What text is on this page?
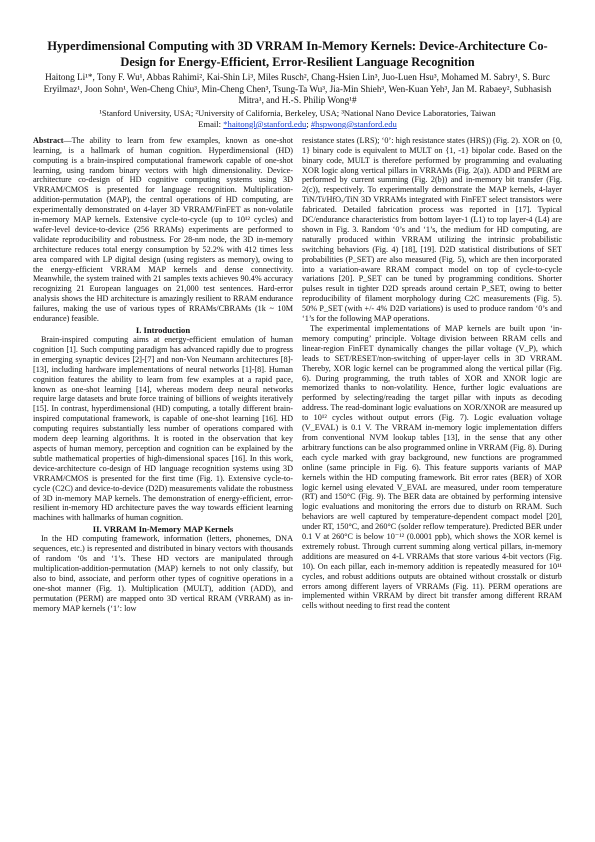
Hyperdimensional Computing with 3D VRRAM In-Memory Kernels: Device-Architecture Co-Design for Energy-Efficient, Error-Resilient Language Recognition
Haitong Li¹*, Tony F. Wu¹, Abbas Rahimi², Kai-Shin Li³, Miles Rusch², Chang-Hsien Lin³, Juo-Luen Hsu³, Mohamed M. Sabry¹, S. Burc Eryilmaz¹, Joon Sohn¹, Wen-Cheng Chiu³, Min-Cheng Chen³, Tsung-Ta Wu³, Jia-Min Shieh³, Wen-Kuan Yeh³, Jan M. Rabaey², Subhasish Mitra¹, and H.-S. Philip Wong¹#
¹Stanford University, USA; ²University of California, Berkeley, USA; ³National Nano Device Laboratories, Taiwan
Email: *haitongl@stanford.edu; #hspwong@stanford.edu

Abstract—The ability to learn from few examples, known as one-shot learning, is a hallmark of human cognition. Hyperdimensional (HD) computing is a brain-inspired computational framework capable of one-shot learning, using random binary vectors with high dimensionality. Device-architecture co-design of HD cognitive computing systems using 3D VRRAM/CMOS is presented for language recognition. Multiplication-addition-permutation (MAP), the central operations of HD computing, are experimentally demonstrated on 4-layer 3D VRRAM/FinFET as non-volatile in-memory MAP kernels. Extensive cycle-to-cycle (up to 10¹² cycles) and wafer-level device-to-device (256 RRAMs) experiments are performed to validate reproducibility and robustness. For 28-nm node, the 3D in-memory architecture reduces total energy consumption by 52.2% with 412 times less area compared with LP digital design (using registers as memory), owing to the energy-efficient VRRAM MAP kernels and dense connectivity. Meanwhile, the system trained with 21 samples texts achieves 90.4% accuracy recognizing 21 European languages on 21,000 test sentences. Hard-error analysis shows the HD architecture is amazingly resilient to RRAM endurance failures, making the use of various types of RRAMs/CBRAMs (1k ~ 10M endurance) feasible.

I. Introduction

Brain-inspired computing aims at energy-efficient emulation of human cognition [1]. Such computing paradigm has advanced rapidly due to progress in emerging synaptic devices [2]-[7] and non-Von Neumann architectures [8]-[13], including hardware implementations of neural networks [1]-[8]. Human cognition features the ability to learn from few examples at a rapid pace, known as one-shot learning [14], whereas modern deep neural networks require large datasets and brute force training of billions of weights iteratively [15]. In contrast, hyperdimensional (HD) computing, a totally different brain-inspired computational framework, is capable of one-shot learning [16]. HD computing requires substantially less number of operations compared with modern deep learning algorithms. It is rooted in the observation that key aspects of human memory, perception and cognition can be explained by the subtle mathematical properties of high-dimensional spaces [16]. In this work, device-architecture co-design of HD language recognition systems using 3D VRRAM/CMOS is presented for the first time (Fig. 1). Extensive cycle-to-cycle (C2C) and device-to-device (D2D) measurements validate the robustness of 3D in-memory MAP kernels. The demonstration of energy-efficient, error-resilient in-memory HD architecture paves the way towards efficient learning machines with hallmarks of human cognition.

II. VRRAM In-Memory MAP Kernels

In the HD computing framework, information (letters, phonemes, DNA sequences, etc.) is represented and distributed in binary vectors with thousands of random ‘0s and ‘1’s. These HD vectors are manipulated through multiplication-addition-permutation (MAP) kernels to not only classify, but also to bind, associate, and perform other types of cognitive operations in a one-shot manner (Fig. 1). Multiplication (MULT), addition (ADD), and permutation (PERM) are mapped onto 3D vertical RRAM (VRRAM) as in-memory MAP kernels (‘1’: low

resistance states (LRS); ‘0’: high resistance states (HRS)) (Fig. 2). XOR on {0, 1} binary code is equivalent to MULT on {1, -1} bipolar code. Based on the binary code, MULT is therefore performed by programming and evaluating XOR logic along vertical pillars in VRRAMs (Fig. 2(a)). ADD and PERM are performed by current summing (Fig. 2(b)) and in-memory bit transfer (Fig. 2(c)), respectively. To experimentally demonstrate the MAP kernels, 4-layer TiN/Ti/HfOₓ/TiN 3D VRRAMs integrated with FinFET select transistors were fabricated. Detailed fabrication process was reported in [17]. Typical DC/endurance characteristics from bottom layer-1 (L1) to top layer-4 (L4) are shown in Fig. 3. Random ‘0’s and ‘1’s, the medium for HD computing, are naturally produced within VRRAM utilizing the intrinsic probabilistic switching behaviors (Fig. 4) [18], [19]. D2D statistical distributions of SET probabilities (P_SET) are also measured (Fig. 5), which are then incorporated into a variation-aware RRAM compact model on top of cycle-to-cycle variations [20]. P_SET can be tuned by programming conditions. Shorter pulses result in tighter D2D spreads around certain P_SET, owing to better reproducibility of filament morphology during C2C measurements (Fig. 5). 50% P_SET (with +/- 4% D2D variations) is used to produce random ‘0’s and ‘1’s for the following MAP operations.

The experimental implementations of MAP kernels are built upon ‘in-memory computing’ principle. Voltage division between RRAM cells and linear-region FinFET dynamically changes the pillar voltage (V_P), which leads to SET/RESET/non-switching of upper-layer cells in 3D VRRAM. Thereby, XOR logic kernel can be programmed along the vertical pillar (Fig. 6). During programming, the truth tables of XOR and XNOR logic are memorized thanks to non-volatility. Hence, further logic evaluations are performed by selecting/reading the target pillar with inputs as decoding address. The read-dominant logic evaluations on XOR/XNOR are measured up to 10¹² cycles without output errors (Fig. 7). Logic evaluation voltage (V_EVAL) is 0.1 V. The VRRAM in-memory logic implementation differs from conventional NVM lookup tables [13], in the sense that any other arbitrary functions can be also programmed online in VRRAM (Fig. 8). During each cycle marked with gray background, new functions are programmed online (same principle in Fig. 6). This feature supports variants of MAP kernels within the HD computing framework. Bit error rates (BER) of XOR logic kernel using elevated V_EVAL are measured, under room temperature (RT) and 150°C (Fig. 9). The BER data are obtained by performing intensive logic evaluations and monitoring the errors due to disturb on RRAM. Such behaviors are well captured by temperature-dependent compact model [20], under RT, 150°C, and 260°C (solder reflow temperature). Predicted BER under 0.1 V at 260°C is below 10⁻¹² (0.0001 ppb), which shows the XOR kernel is extremely robust. Through current summing along vertical pillars, in-memory additions are measured on 4-L VRRAMs that store various 4-bit vectors (Fig. 10). On each pillar, each in-memory addition is repeatedly measured for 10¹¹ cycles, and robust additions outputs are obtained without crosstalk or disturb errors among different layers of VRRAMs (Fig. 11). PERM operations are implemented within VRRAM by direct bit transfer among different RRAM cells without needing to first read the content
